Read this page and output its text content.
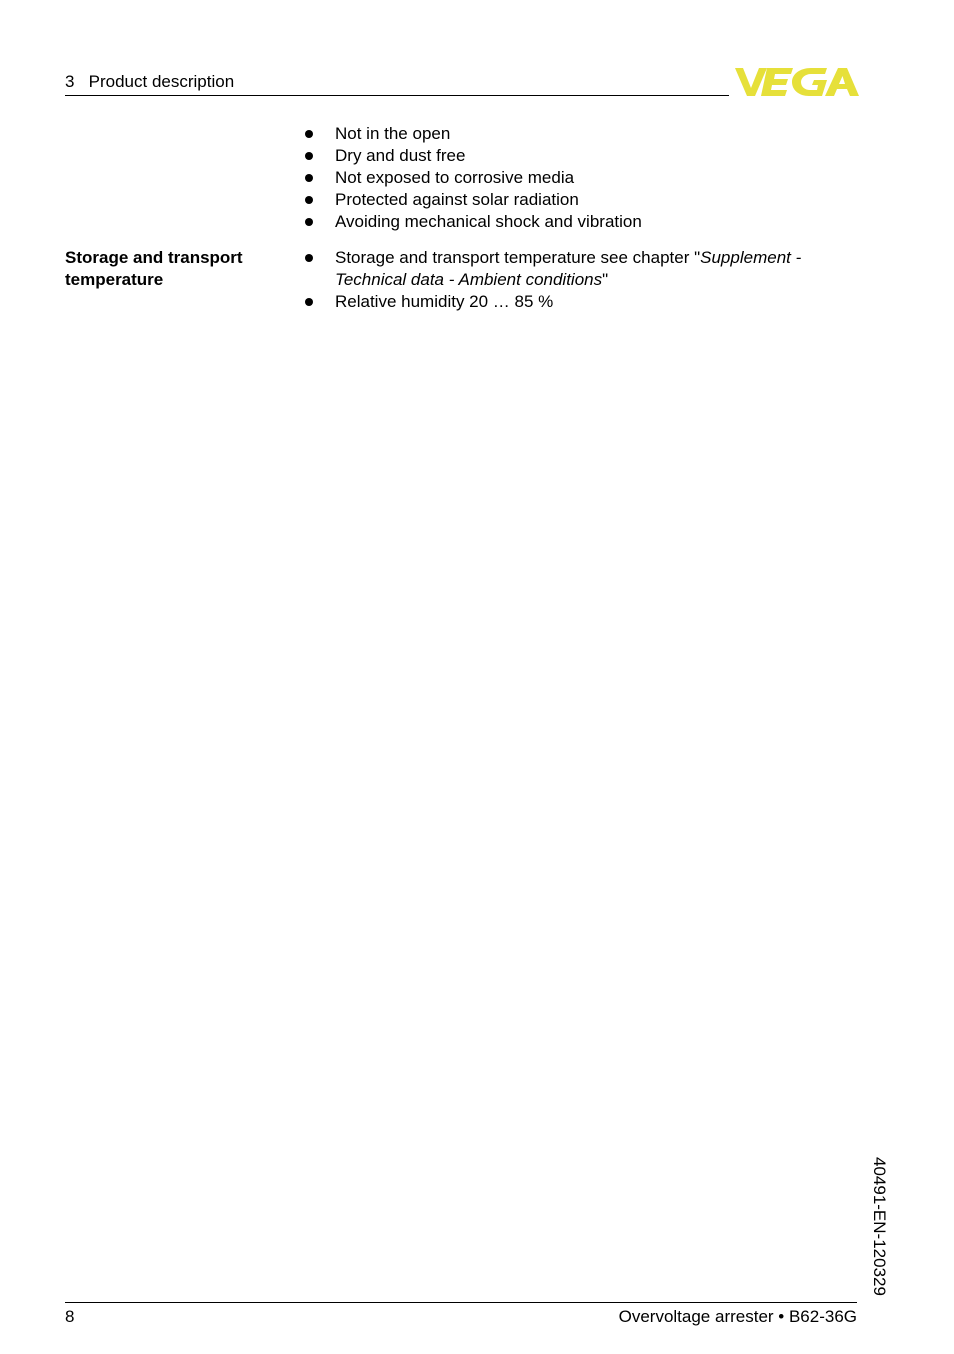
3 Product description
Not in the open
Dry and dust free
Not exposed to corrosive media
Protected against solar radiation
Avoiding mechanical shock and vibration
Storage and transport
temperature
Storage and transport temperature see chapter "Supplement - Technical data - Ambient conditions"
Relative humidity 20 … 85 %
40491-EN-120329
8	Overvoltage arrester • B62-36G
